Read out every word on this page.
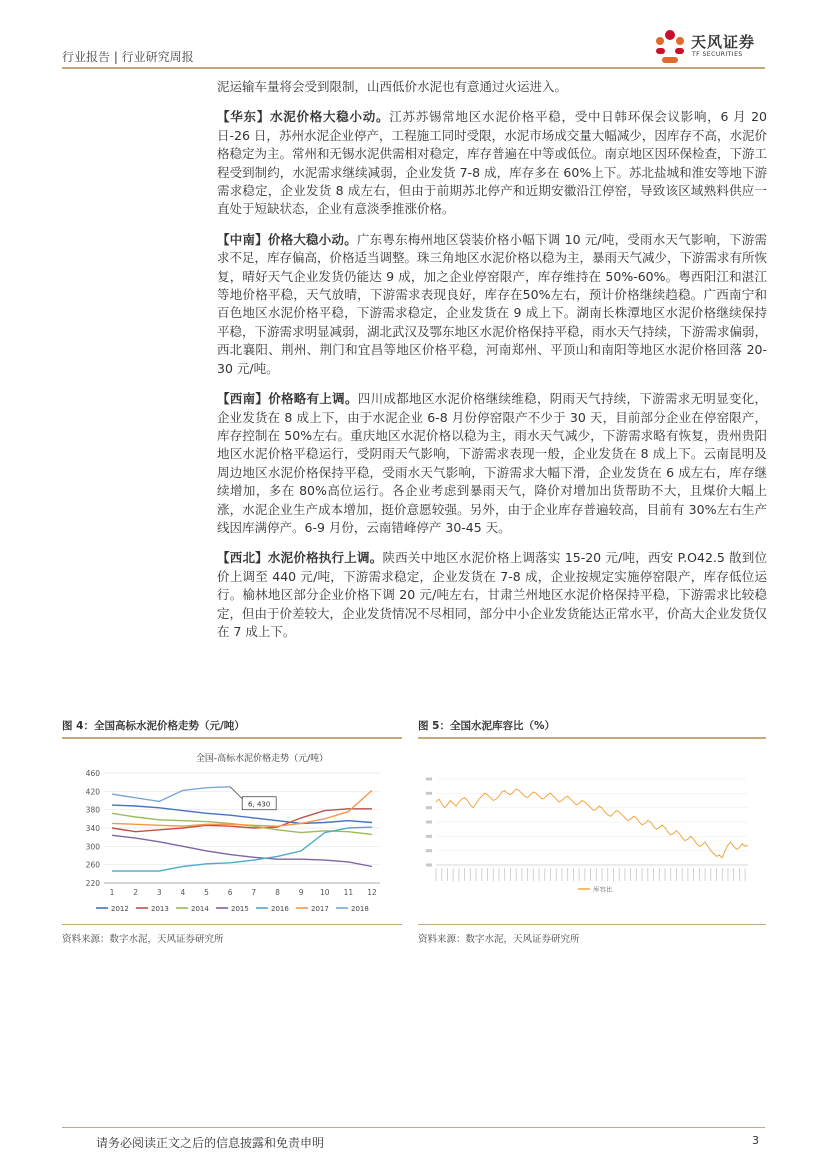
行业报告 | 行业研究周报
天风证券
TF SECURITIES

泥运输车量将会受到限制，山西低价水泥也有意通过火运进入。

【华东】水泥价格大稳小动。江苏苏锡常地区水泥价格平稳，受中日韩环保会议影响，6 月 20 日-26 日，苏州水泥企业停产，工程施工同时受限，水泥市场成交量大幅减少，因库存不高，水泥价格稳定为主。常州和无锡水泥供需相对稳定，库存普遍在中等或低位。南京地区因环保检查，下游工程受到制约，水泥需求继续减弱，企业发货 7-8 成，库存多在 60%上下。苏北盐城和淮安等地下游需求稳定，企业发货 8 成左右，但由于前期苏北停产和近期安徽沿江停窑，导致该区域熟料供应一直处于短缺状态，企业有意淡季推涨价格。

【中南】价格大稳小动。广东粤东梅州地区袋装价格小幅下调 10 元/吨，受雨水天气影响，下游需求不足，库存偏高，价格适当调整。珠三角地区水泥价格以稳为主，暴雨天气减少，下游需求有所恢复，晴好天气企业发货仍能达 9 成，加之企业停窑限产，库存维持在 50%-60%。粤西阳江和湛江等地价格平稳，天气放晴，下游需求表现良好，库存在50%左右，预计价格继续趋稳。广西南宁和百色地区水泥价格平稳，下游需求稳定，企业发货在 9 成上下。湖南长株潭地区水泥价格继续保持平稳，下游需求明显减弱，湖北武汉及鄂东地区水泥价格保持平稳，雨水天气持续，下游需求偏弱，西北襄阳、荆州、荆门和宜昌等地区价格平稳，河南郑州、平顶山和南阳等地区水泥价格回落 20-30 元/吨。

【西南】价格略有上调。四川成都地区水泥价格继续维稳，阴雨天气持续，下游需求无明显变化，企业发货在 8 成上下，由于水泥企业 6-8 月份停窑限产不少于 30 天，目前部分企业在停窑限产，库存控制在 50%左右。重庆地区水泥价格以稳为主，雨水天气减少，下游需求略有恢复，贵州贵阳地区水泥价格平稳运行，受阴雨天气影响，下游需求表现一般，企业发货在 8 成上下。云南昆明及周边地区水泥价格保持平稳，受雨水天气影响，下游需求大幅下滑，企业发货在 6 成左右，库存继续增加，多在 80%高位运行。各企业考虑到暴雨天气，降价对增加出货帮助不大，且煤价大幅上涨，水泥企业生产成本增加，挺价意愿较强。另外，由于企业库存普遍较高，目前有 30%左右生产线因库满停产。6-9 月份，云南错峰停产 30-45 天。

【西北】水泥价格执行上调。陕西关中地区水泥价格上调落实 15-20 元/吨，西安 P.O42.5 散到位价上调至 440 元/吨，下游需求稳定，企业发货在 7-8 成，企业按规定实施停窑限产，库存低位运行。榆林地区部分企业价格下调 20 元/吨左右，甘肃兰州地区水泥价格保持平稳，下游需求比较稳定，但由于价差较大，企业发货情况不尽相同，部分中小企业发货能达正常水平，价高大企业发货仅在 7 成上下。

图 4：全国高标水泥价格走势（元/吨）
全国-高标水泥价格走势（元/吨）
220
260
300
340
380
420
460
1	2	3	4	5	6	7	8	9 10 11 12
6, 430
2012	2013	2014	2015	2016	2017	2018
资料来源：数字水泥，天风证券研究所
图 5：全国水泥库容比（%）
库容比
资料来源：数字水泥，天风证券研究所
请务必阅读正文之后的信息披露和免责申明	3
